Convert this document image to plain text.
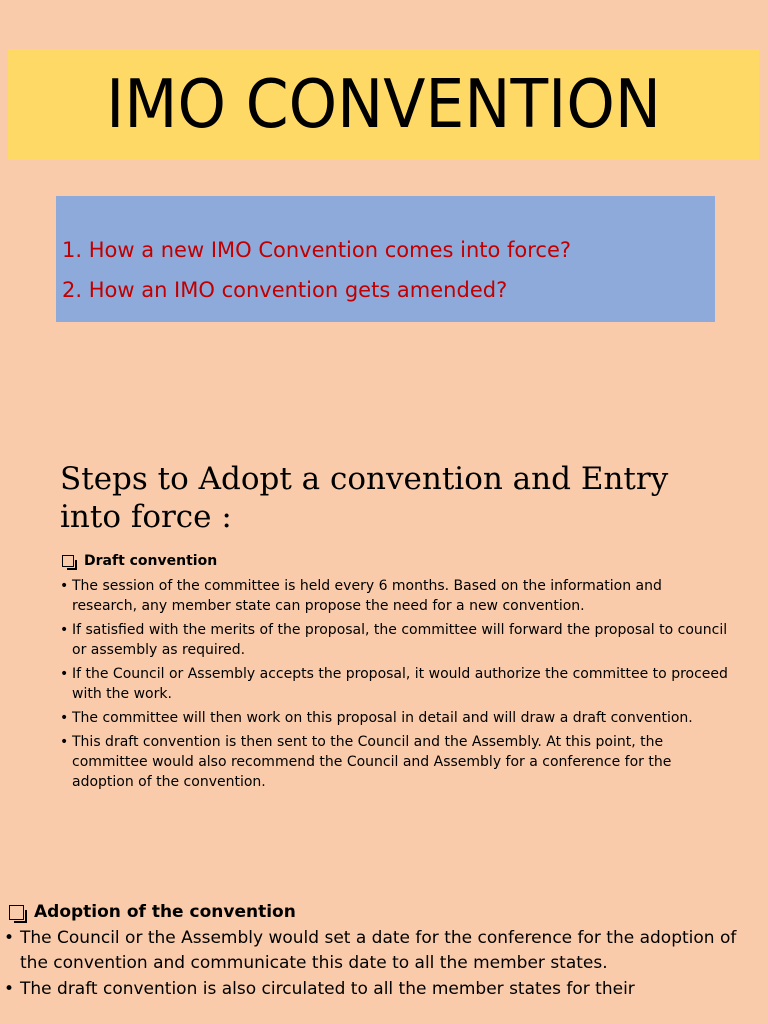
IMO CONVENTION
1. How a new IMO Convention comes into force?
2. How an IMO convention gets amended?
Steps to Adopt a convention and Entry into force :
Draft convention
• The session of the committee is held every 6 months. Based on the information and research, any member state can propose the need for a new convention.
• If satisfied with the merits of the proposal, the committee will forward the proposal to council or assembly as required.
• If the Council or Assembly accepts the proposal, it would authorize the committee to proceed with the work.
• The committee will then work on this proposal in detail and will draw a draft convention.
• This draft convention is then sent to the Council and the Assembly. At this point, the committee would also recommend the Council and Assembly for a conference for the adoption of the convention.
Adoption of the convention
• The Council or the Assembly would set a date for the conference for the adoption of the convention and communicate this date to all the member states.
• The draft convention is also circulated to all the member states for their
